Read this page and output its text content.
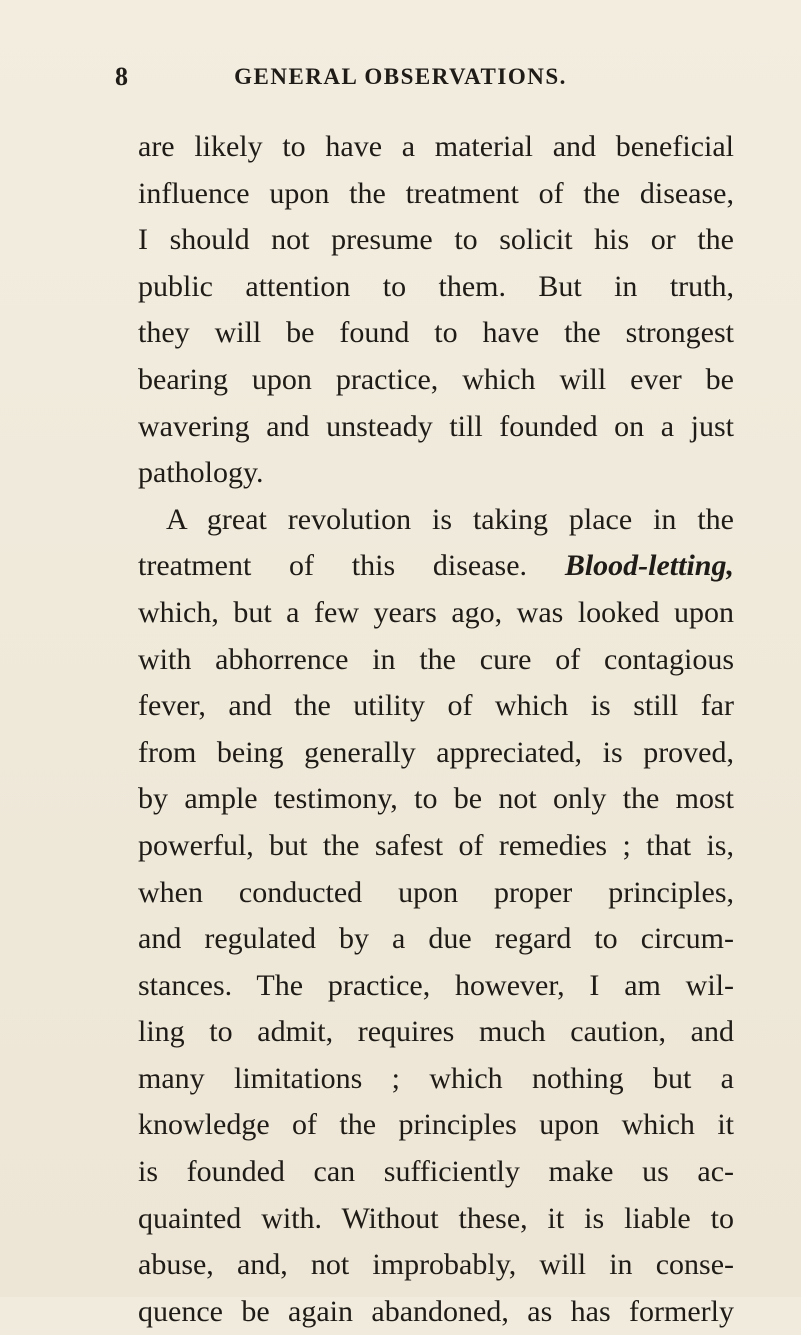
8	GENERAL OBSERVATIONS.
are likely to have a material and beneficial
influence upon the treatment of the disease,
I should not presume to solicit his or the
public attention to them. But in truth,
they will be found to have the strongest
bearing upon practice, which will ever be
wavering and unsteady till founded on a just
pathology.
A great revolution is taking place in the
treatment of this disease. Blood-letting,
which, but a few years ago, was looked upon
with abhorrence in the cure of contagious
fever, and the utility of which is still far
from being generally appreciated, is proved,
by ample testimony, to be not only the most
powerful, but the safest of remedies ; that is,
when conducted upon proper principles,
and regulated by a due regard to circum-
stances. The practice, however, I am wil-
ling to admit, requires much caution, and
many limitations ; which nothing but a
knowledge of the principles upon which it
is founded can sufficiently make us ac-
quainted with. Without these, it is liable to
abuse, and, not improbably, will in conse-
quence be again abandoned, as has formerly
